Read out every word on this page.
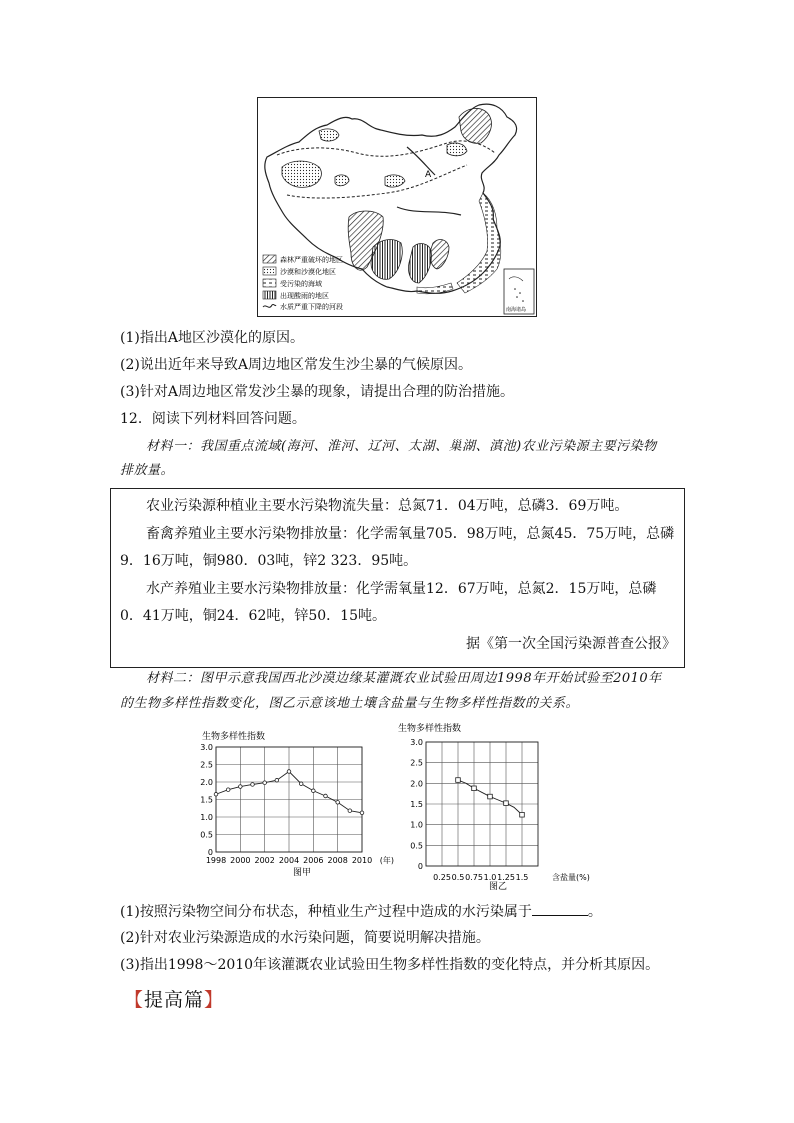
A
森林严重破坏的地区
沙漠和沙漠化地区
受污染的海域
出现酸雨的地区
水质严重下降的河段	南海诸岛
(1)指出A地区沙漠化的原因。
(2)说出近年来导致A周边地区常发生沙尘暴的气候原因。
(3)针对A周边地区常发沙尘暴的现象，请提出合理的防治措施。
12．阅读下列材料回答问题。
材料一：我国重点流域(海河、淮河、辽河、太湖、巢湖、滇池)农业污染源主要污染物
排放量。
农业污染源种植业主要水污染物流失量：总氮71．04万吨，总磷3．69万吨。
畜禽养殖业主要水污染物排放量：化学需氧量705．98万吨，总氮45．75万吨，总磷
9．16万吨，铜980．03吨，锌2 323．95吨。
水产养殖业主要水污染物排放量：化学需氧量12．67万吨，总氮2．15万吨，总磷
0．41万吨，铜24．62吨，锌50．15吨。
据《第一次全国污染源普查公报》
材料二：图甲示意我国西北沙漠边缘某灌溉农业试验田周边1998年开始试验至2010年
的生物多样性指数变化，图乙示意该地土壤含盐量与生物多样性指数的关系。
0
0.5
1.0
1.5
2.0
2.5
3.0
1998 2000 2002 2004 2006 2008 2010
生物多样性指数
(年)
图甲
0
0.5
1.0
1.5
2.0
2.5
3.0
0.25 0.5 0.75 1.0 1.25 1.5
生物多样性指数
含盐量(%)
图乙
(1)按照污染物空间分布状态，种植业生产过程中造成的水污染属于	。
(2)针对农业污染源造成的水污染问题，简要说明解决措施。
(3)指出1998～2010年该灌溉农业试验田生物多样性指数的变化特点，并分析其原因。
【提高篇】
